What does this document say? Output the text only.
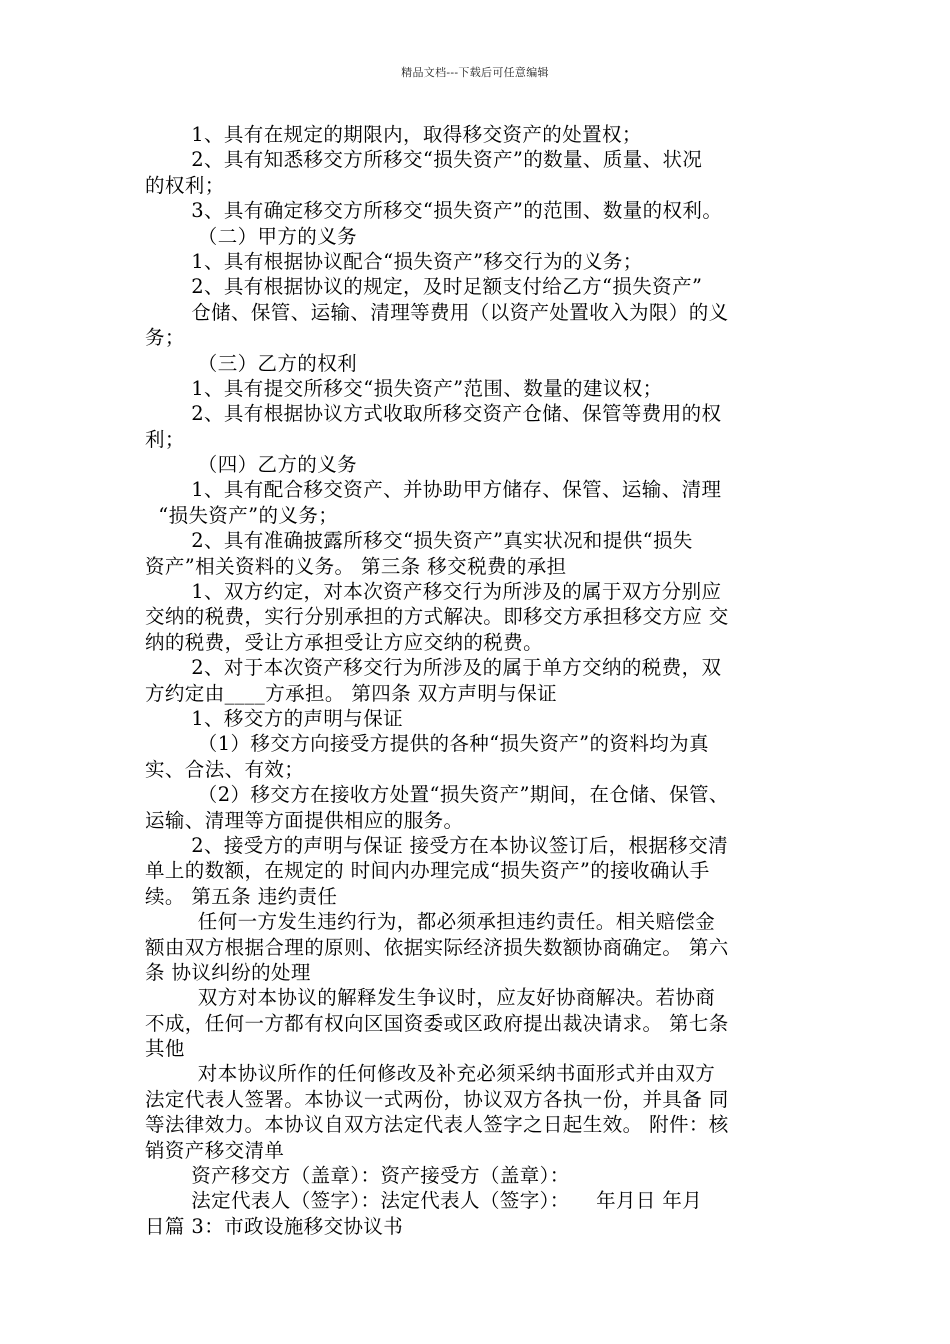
精品文档---下载后可任意编辑
1、具有在规定的期限内，取得移交资产的处置权；
2、具有知悉移交方所移交“损失资产”的数量、质量、状况
的权利；
3、具有确定移交方所移交“损失资产”的范围、数量的权利。
（二）甲方的义务
1、具有根据协议配合“损失资产”移交行为的义务；
2、具有根据协议的规定，及时足额支付给乙方“损失资产”
仓储、保管、运输、清理等费用（以资产处置收入为限）的义
务；
（三）乙方的权利
1、具有提交所移交“损失资产”范围、数量的建议权；
2、具有根据协议方式收取所移交资产仓储、保管等费用的权
利；
（四）乙方的义务
1、具有配合移交资产、并协助甲方储存、保管、运输、清理
“损失资产”的义务；
2、具有准确披露所移交“损失资产”真实状况和提供“损失
资产”相关资料的义务。 第三条 移交税费的承担
1、双方约定，对本次资产移交行为所涉及的属于双方分别应
交纳的税费，实行分别承担的方式解决。即移交方承担移交方应 交
纳的税费，受让方承担受让方应交纳的税费。
2、对于本次资产移交行为所涉及的属于单方交纳的税费，双
方约定由____方承担。 第四条 双方声明与保证
1、移交方的声明与保证
（1）移交方向接受方提供的各种“损失资产”的资料均为真
实、合法、有效；
（2）移交方在接收方处置“损失资产”期间，在仓储、保管、
运输、清理等方面提供相应的服务。
2、接受方的声明与保证 接受方在本协议签订后，根据移交清
单上的数额，在规定的 时间内办理完成“损失资产”的接收确认手
续。 第五条 违约责任
任何一方发生违约行为，都必须承担违约责任。相关赔偿金
额由双方根据合理的原则、依据实际经济损失数额协商确定。 第六
条 协议纠纷的处理
双方对本协议的解释发生争议时，应友好协商解决。若协商
不成，任何一方都有权向区国资委或区政府提出裁决请求。 第七条
其他
对本协议所作的任何修改及补充必须采纳书面形式并由双方
法定代表人签署。本协议一式两份，协议双方各执一份，并具备 同
等法律效力。本协议自双方法定代表人签字之日起生效。 附件：核
销资产移交清单
资产移交方（盖章）：资产接受方（盖章）：
法定代表人（签字）：法定代表人（签字）：    年月日 年月
日篇 3：市政设施移交协议书
